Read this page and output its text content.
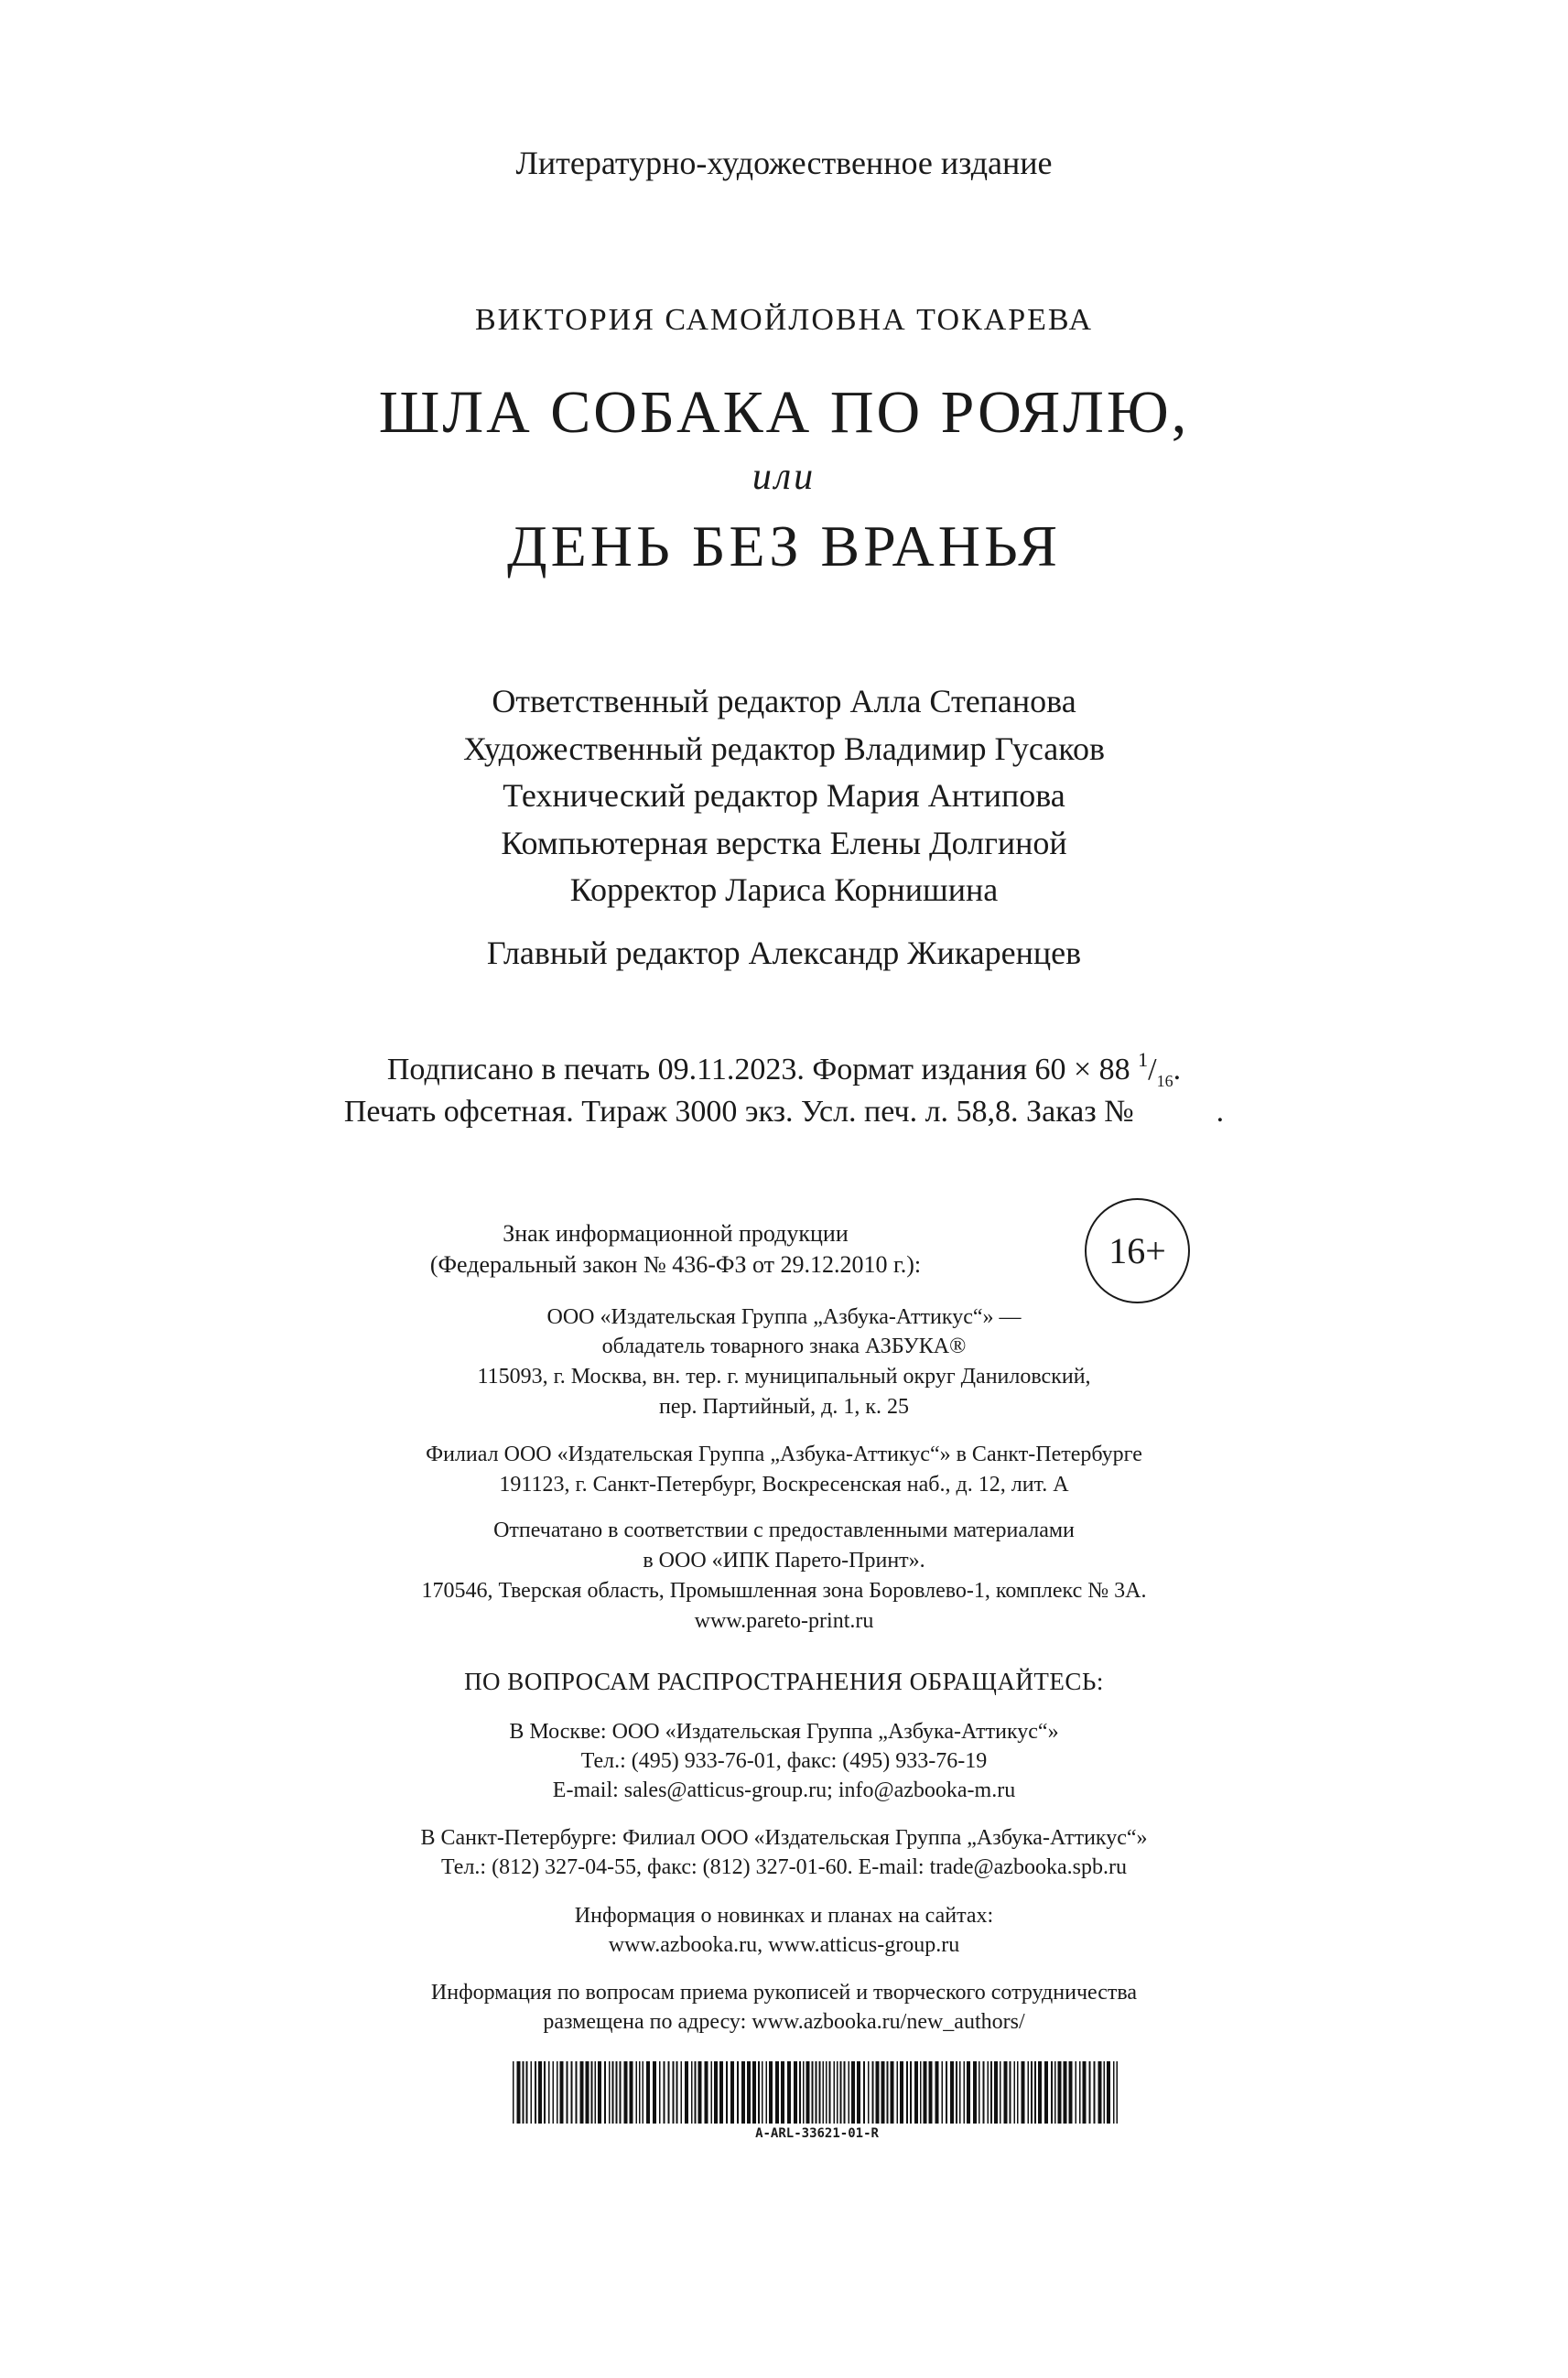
Литературно-художественное издание
ВИКТОРИЯ САМОЙЛОВНА ТОКАРЕВА
ШЛА СОБАКА ПО РОЯЛЮ,
или
ДЕНЬ БЕЗ ВРАНЬЯ
Ответственный редактор Алла Степанова
Художественный редактор Владимир Гусаков
Технический редактор Мария Антипова
Компьютерная верстка Елены Долгиной
Корректор Лариса Корнишина
Главный редактор Александр Жикаренцев
Подписано в печать 09.11.2023. Формат издания 60 × 88 $^1/_{16}$.
Печать офсетная. Тираж 3000 экз. Усл. печ. л. 58,8. Заказ №	.
Знак информационной продукции
(Федеральный закон № 436-ФЗ от 29.12.2010 г.):	16+
ООО «Издательская Группа „Азбука-Аттикус“» —
обладатель товарного знака АЗБУКА®
115093, г. Москва, вн. тер. г. муниципальный округ Даниловский,
пер. Партийный, д. 1, к. 25
Филиал ООО «Издательская Группа „Азбука-Аттикус“» в Санкт-Петербурге
191123, г. Санкт-Петербург, Воскресенская наб., д. 12, лит. А
Отпечатано в соответствии с предоставленными материалами
в ООО «ИПК Парето-Принт».
170546, Тверская область, Промышленная зона Боровлево-1, комплекс № 3А.
www.pareto-print.ru
ПО ВОПРОСАМ РАСПРОСТРАНЕНИЯ ОБРАЩАЙТЕСЬ:
В Москве: ООО «Издательская Группа „Азбука-Аттикус“»
Тел.: (495) 933-76-01, факс: (495) 933-76-19
E-mail: sales@atticus-group.ru; info@azbooka-m.ru
В Санкт-Петербурге: Филиал ООО «Издательская Группа „Азбука-Аттикус“»
Тел.: (812) 327-04-55, факс: (812) 327-01-60. E-mail: trade@azbooka.spb.ru
Информация о новинках и планах на сайтах:
www.azbooka.ru, www.atticus-group.ru
Информация по вопросам приема рукописей и творческого сотрудничества
размещена по адресу: www.azbooka.ru/new_authors/
A-ARL-33621-01-R
